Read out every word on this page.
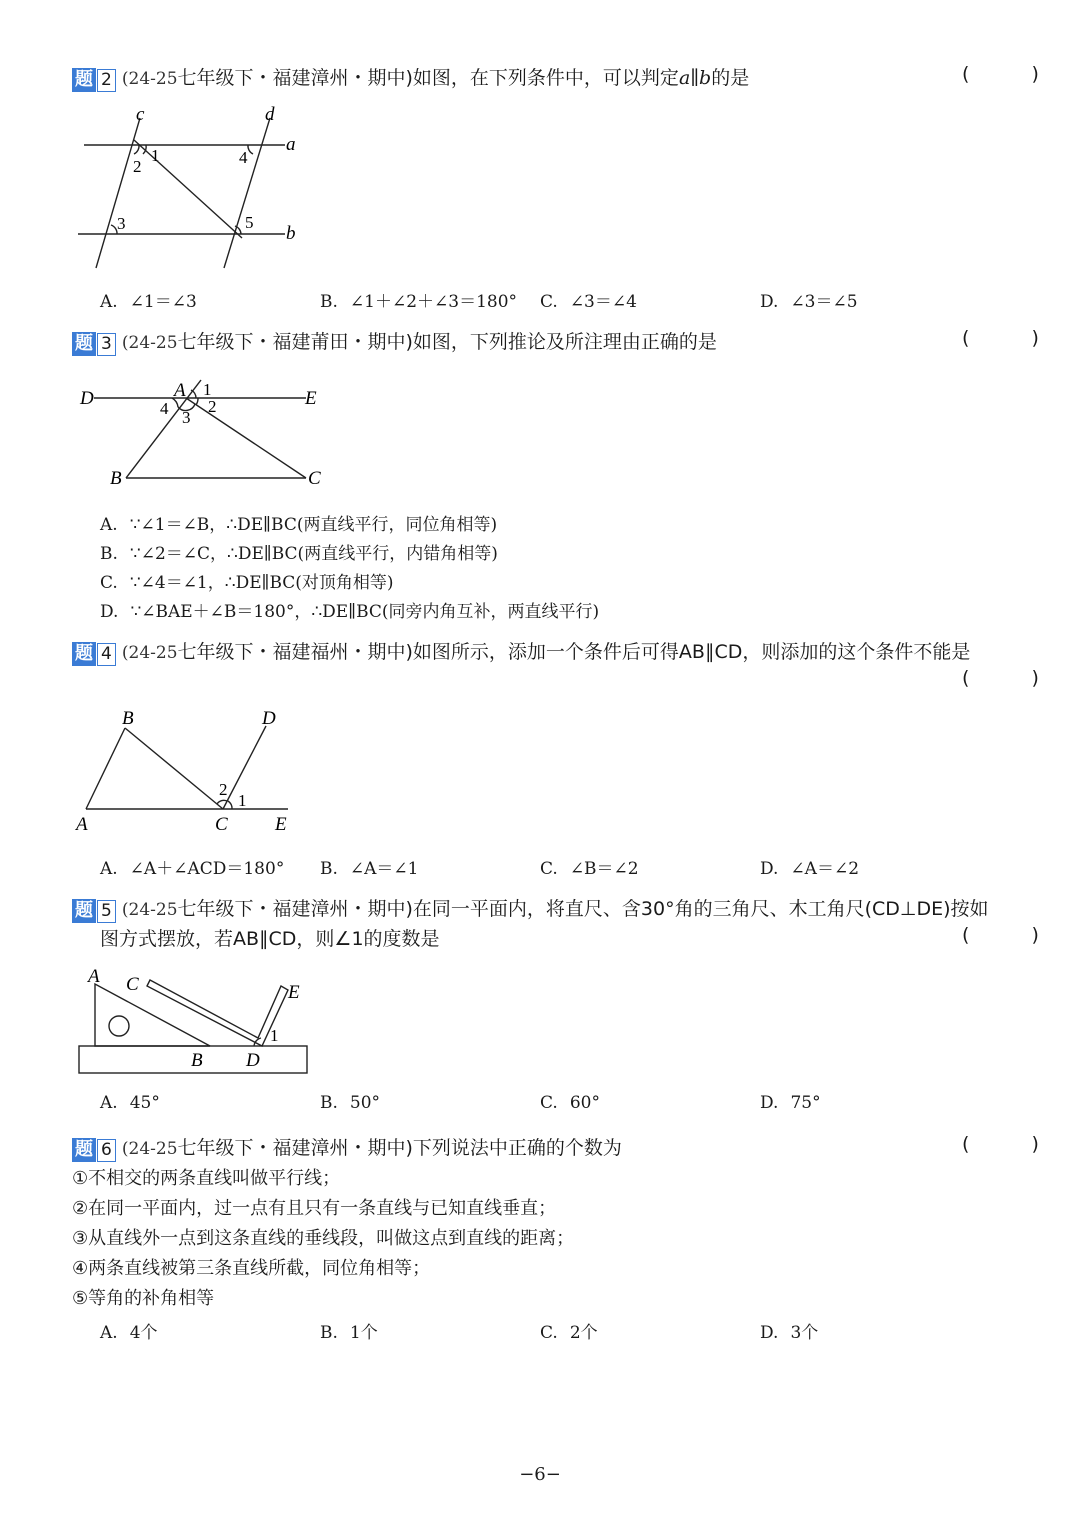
题 2 (24-25七年级下・福建漳州・期中)如图，在下列条件中，可以判定a∥b的是	( )
c	d
a
b
1
2
3
4
5
A. ∠1＝∠3	B. ∠1＋∠2＋∠3＝180° C. ∠3＝∠4	D. ∠3＝∠5
题 3 (24-25七年级下・福建莆田・期中)如图，下列推论及所注理由正确的是	( )
D	E
A
B	C
1
2
3
4
A. ∵∠1＝∠B，∴DE∥BC(两直线平行，同位角相等)
B. ∵∠2＝∠C，∴DE∥BC(两直线平行，内错角相等)
C. ∵∠4＝∠1，∴DE∥BC(对顶角相等)
D. ∵∠BAE＋∠B＝180°，∴DE∥BC(同旁内角互补，两直线平行)
题 4 (24-25七年级下・福建福州・期中)如图所示，添加一个条件后可得AB∥CD，则添加的这个条件不能是
( )
A
B
C
D
E
1
2
A. ∠A＋∠ACD＝180° B. ∠A＝∠1	C. ∠B＝∠2	D. ∠A＝∠2
题 5 (24-25七年级下・福建漳州・期中)在同一平面内，将直尺、含30°角的三角尺、木工角尺(CD⊥DE)按如
图方式摆放，若AB∥CD，则∠1的度数是	( )
A C	E
B D
1
A. 45°	B. 50°	C. 60°	D. 75°
题 6 (24-25七年级下・福建漳州・期中)下列说法中正确的个数为	( )
①不相交的两条直线叫做平行线；
②在同一平面内，过一点有且只有一条直线与已知直线垂直；
③从直线外一点到这条直线的垂线段，叫做这点到直线的距离；
④两条直线被第三条直线所截，同位角相等；
⑤等角的补角相等
A. 4个	B. 1个	C. 2个	D. 3个
−6−
